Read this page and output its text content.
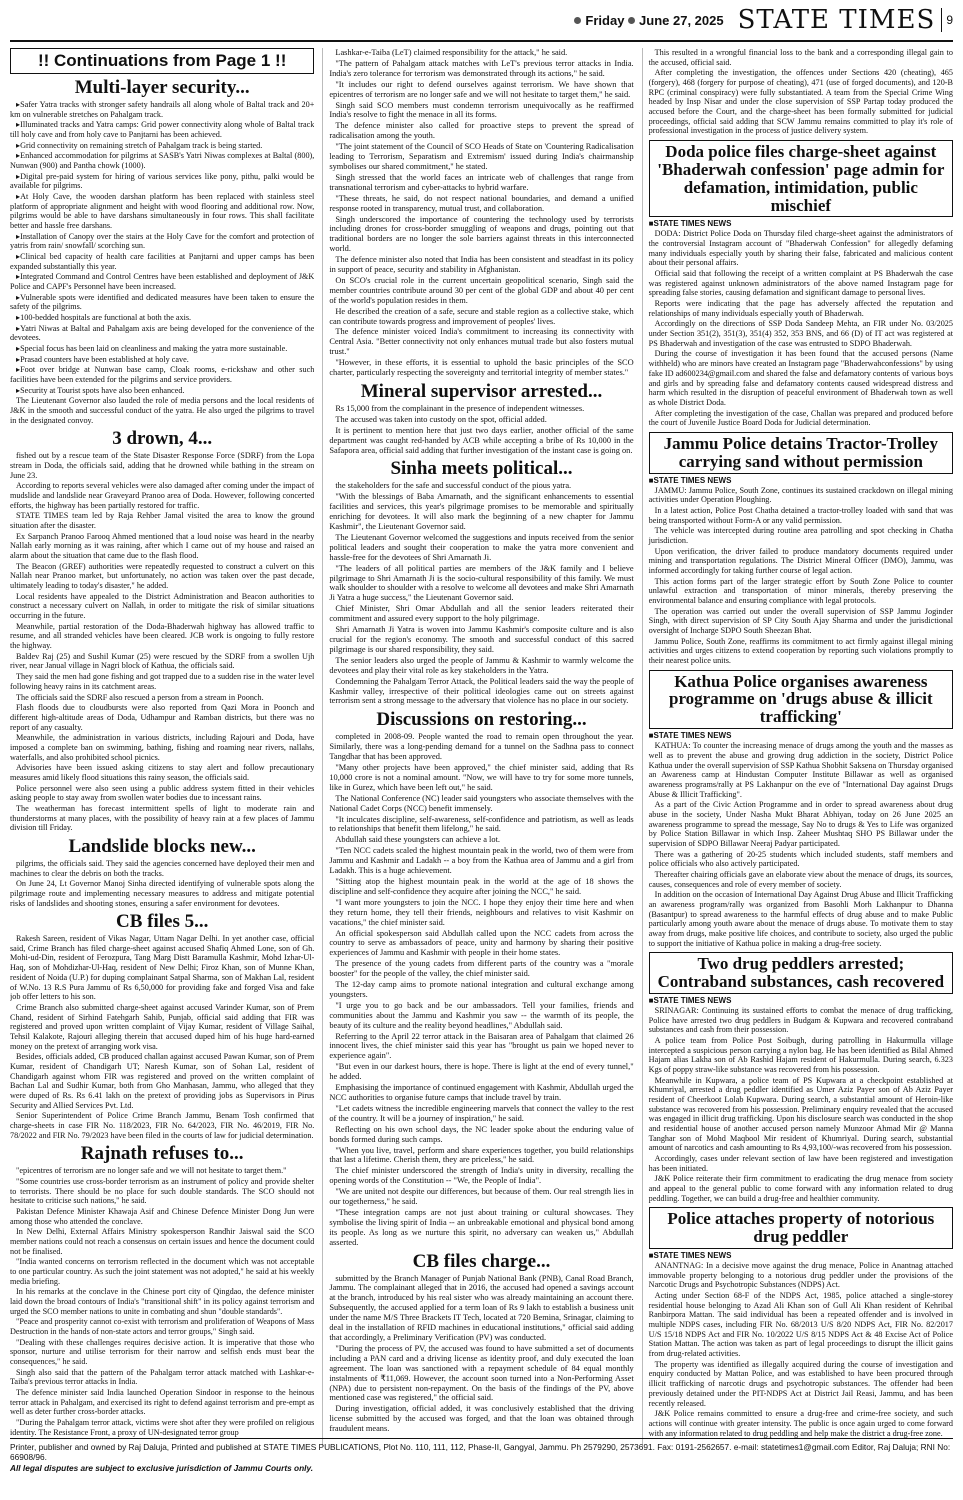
Friday June 27, 2025 STATE TIMES 9
!! Continuations from Page 1 !!
Multi-layer security...

▸ Safer Yatra tracks with stronger safety handrails all along whole of Baltal track and 20+ km on vulnerable stretches on Pahalgam track.

▸ Illuminated tracks and Yatra camps: Grid power connectivity along whole of Baltal track till holy cave and from holy cave to Panjtarni has been achieved.

▸ Grid connectivity on remaining stretch of Pahalgam track is being started.

▸ Enhanced accommodation for pilgrims at SASB's Yatri Niwas complexes at Baltal (800), Nunwan (900) and Pantha chowk (1000).

▸ Digital pre-paid system for hiring of various services like pony, pithu, palki would be available for pilgrims.

▸ At Holy Cave, the wooden darshan platform has been replaced with stainless steel platform of appropriate alignment and height with wood flooring and additional row. Now, pilgrims would be able to have darshans simultaneously in four rows. This shall facilitate better and hassle free darshans.

▸ Installation of Canopy over the stairs at the Holy Cave for the comfort and protection of yatris from rain/ snowfall/ scorching sun.

▸ Clinical bed capacity of health care facilities at Panjtarni and upper camps has been expanded substantially this year.

▸ Integrated Command and Control Centres have been established and deployment of J&K Police and CAPF's Personnel have been increased.

▸ Vulnerable spots were identified and dedicated measures have been taken to ensure the safety of the pilgrims.

▸ 100-bedded hospitals are functional at both the axis.

▸ Yatri Niwas at Baltal and Pahalgam axis are being developed for the convenience of the devotees.

▸ Special focus has been laid on cleanliness and making the yatra more sustainable.

▸ Prasad counters have been established at holy cave.

▸ Foot over bridge at Nunwan base camp, Cloak rooms, e-rickshaw and other such facilities have been extended for the pilgrims and service providers.

▸ Security at Tourist spots have also been enhanced.

The Lieutenant Governor also lauded the role of media persons and the local residents of J&K in the smooth and successful conduct of the yatra. He also urged the pilgrims to travel in the designated convoy.

3 drown, 4...

fished out by a rescue team of the State Disaster Response Force (SDRF) from the Lopa stream in Doda, the officials said, adding that he drowned while bathing in the stream on June 23.

According to reports several vehicles were also damaged after coming under the impact of mudslide and landslide near Graveyard Pranoo area of Doda. However, following concerted efforts, the highway has been partially restored for traffic.

STATE TIMES team led by Raja Rehber Jamal visited the area to know the ground situation after the disaster.

Ex Sarpanch Pranoo Farooq Ahmed mentioned that a loud noise was heard in the nearby Nallah early morning as it was raining, after which I came out of my house and raised an alarm about the situation that came due to the flash flood.

The Beacon (GREF) authorities were repeatedly requested to construct a culvert on this Nallah near Pranoo market, but unfortunately, no action was taken over the past decade, ultimately leading to today's disaster," he added.

Local residents have appealed to the District Administration and Beacon authorities to construct a necessary culvert on Nallah, in order to mitigate the risk of similar situations occurring in the future.

Meanwhile, partial restoration of the Doda-Bhaderwah highway has allowed traffic to resume, and all stranded vehicles have been cleared. JCB work is ongoing to fully restore the highway.

Baldev Raj (25) and Sushil Kumar (25) were rescued by the SDRF from a swollen Ujh river, near Janual village in Nagri block of Kathua, the officials said.

They said the men had gone fishing and got trapped due to a sudden rise in the water level following heavy rains in its catchment areas.

The officials said the SDRF also rescued a person from a stream in Poonch.

Flash floods due to cloudbursts were also reported from Qazi Mora in Poonch and different high-altitude areas of Doda, Udhampur and Ramban districts, but there was no report of any casualty.

Meanwhile, the administration in various districts, including Rajouri and Doda, have imposed a complete ban on swimming, bathing, fishing and roaming near rivers, nallahs, waterfalls, and also prohibited school picnics.

Advisories have been issued asking citizens to stay alert and follow precautionary measures amid likely flood situations this rainy season, the officials said.

Police personnel were also seen using a public address system fitted in their vehicles asking people to stay away from swollen water bodies due to incessant rains.

The weatherman has forecast intermittent spells of light to moderate rain and thunderstorms at many places, with the possibility of heavy rain at a few places of Jammu division till Friday.

Landslide blocks new...

pilgrims, the officials said. They said the agencies concerned have deployed their men and machines to clear the debris on both the tracks.

On June 24, Lt Governor Manoj Sinha directed identifying of vulnerable spots along the pilgrimage route and implementing necessary measures to address and mitigate potential risks of landslides and shooting stones, ensuring a safer environment for devotees.

CB files 5...

Rakesh Sareen, resident of Vikas Nagar, Uttam Nagar Delhi. In yet another case, official said, Crime Branch has filed charge-sheet against accused Shafiq Ahmed Lone, son of Gh. Mohi-ud-Din, resident of Ferozpura, Tang Marg Distt Baramulla Kashmir, Mohd Izhar-Ul-Haq, son of Mohdizhar-Ul-Haq, resident of New Delhi; Firoz Khan, son of Munne Khan, resident of Noida (U.P.) for duping complainant Satpal Sharma, son of Makhan Lal, resident of W.No. 13 R.S Pura Jammu of Rs 6,50,000 for providing fake and forged Visa and fake job offer letters to his son.

Crime Branch also submitted charge-sheet against accused Varinder Kumar, son of Prem Chand, resident of Sirhind Fatehgarh Sahib, Punjab, official said adding that FIR was registered and proved upon written complaint of Vijay Kumar, resident of Village Saihal, Tehsil Kalakote, Rajouri alleging therein that accused duped him of his huge hard-earned money on the pretext of arranging work visa.

Besides, officials added, CB produced challan against accused Pawan Kumar, son of Prem Kumar, resident of Chandigarh UT; Naresh Kumar, son of Sohan Lal, resident of Chandigarh against whom FIR was registered and proved on the written complaint of Bachan Lal and Sudhir Kumar, both from Gho Manhasan, Jammu, who alleged that they were duped of Rs. Rs 6.41 lakh on the pretext of providing jobs as Supervisors in Pirus Security and Allied Services Pvt. Ltd.

Senior Superintendent of Police Crime Branch Jammu, Benam Tosh confirmed that charge-sheets in case FIR No. 118/2023, FIR No. 64/2023, FIR No. 46/2019, FIR No. 78/2022 and FIR No. 79/2023 have been filed in the courts of law for judicial determination.

Rajnath refuses to...

"epicentres of terrorism are no longer safe and we will not hesitate to target them."

"Some countries use cross-border terrorism as an instrument of policy and provide shelter to terrorists. There should be no place for such double standards. The SCO should not hesitate to criticise such nations," he said.

Pakistan Defence Minister Khawaja Asif and Chinese Defence Minister Dong Jun were among those who attended the conclave.

In New Delhi, External Affairs Ministry spokesperson Randhir Jaiswal said the SCO member nations could not reach a consensus on certain issues and hence the document could not be finalised.

"India wanted concerns on terrorism reflected in the document which was not acceptable to one particular country. As such the joint statement was not adopted," he said at his weekly media briefing.

In his remarks at the conclave in the Chinese port city of Qingdao, the defence minister laid down the broad contours of India's "transitional shift" in its policy against terrorism and urged the SCO member nations to unite in combating and shun "double standards".

"Peace and prosperity cannot co-exist with terrorism and proliferation of Weapons of Mass Destruction in the hands of non-state actors and terror groups," Singh said.

"Dealing with these challenges requires decisive action. It is imperative that those who sponsor, nurture and utilise terrorism for their narrow and selfish ends must bear the consequences," he said.

Singh also said that the pattern of the Pahalgam terror attack matched with Lashkar-e-Taiba's previous terror attacks in India.

The defence minister said India launched Operation Sindoor in response to the heinous terror attack in Pahalgam, and exercised its right to defend against terrorism and pre-empt as well as deter further cross-border attacks.

"During the Pahalgam terror attack, victims were shot after they were profiled on religious identity. The Resistance Front, a proxy of UN-designated terror group

Lashkar-e-Taiba (LeT) claimed responsibility for the attack," he said.

"The pattern of Pahalgam attack matches with LeT's previous terror attacks in India. India's zero tolerance for terrorism was demonstrated through its actions," he said.

"It includes our right to defend ourselves against terrorism. We have shown that epicentres of terrorism are no longer safe and we will not hesitate to target them," he said.

Singh said SCO members must condemn terrorism unequivocally as he reaffirmed India's resolve to fight the menace in all its forms.

The defence minister also called for proactive steps to prevent the spread of radicalisation among the youth.

"The joint statement of the Council of SCO Heads of State on 'Countering Radicalisation leading to Terrorism, Separatism and Extremism' issued during India's chairmanship symbolises our shared commitment," he stated.

Singh stressed that the world faces an intricate web of challenges that range from transnational terrorism and cyber-attacks to hybrid warfare.

"These threats, he said, do not respect national boundaries, and demand a unified response rooted in transparency, mutual trust, and collaboration.

Singh underscored the importance of countering the technology used by terrorists including drones for cross-border smuggling of weapons and drugs, pointing out that traditional borders are no longer the sole barriers against threats in this interconnected world.

The defence minister also noted that India has been consistent and steadfast in its policy in support of peace, security and stability in Afghanistan.

On SCO's crucial role in the current uncertain geopolitical scenario, Singh said the member countries contribute around 30 per cent of the global GDP and about 40 per cent of the world's population resides in them.

He described the creation of a safe, secure and stable region as a collective stake, which can contribute towards progress and improvement of peoples' lives.

The defence minister voiced India's commitment to increasing its connectivity with Central Asia. "Better connectivity not only enhances mutual trade but also fosters mutual trust."

"However, in these efforts, it is essential to uphold the basic principles of the SCO charter, particularly respecting the sovereignty and territorial integrity of member states."

Mineral supervisor arrested...

Rs 15,000 from the complainant in the presence of independent witnesses.

The accused was taken into custody on the spot, official added.

It is pertinent to mention here that just two days earlier, another official of the same department was caught red-handed by ACB while accepting a bribe of Rs 10,000 in the Safapora area, official said adding that further investigation of the instant case is going on.

Sinha meets political...

the stakeholders for the safe and successful conduct of the pious yatra.

"With the blessings of Baba Amarnath, and the significant enhancements to essential facilities and services, this year's pilgrimage promises to be memorable and spiritually enriching for devotees. It will also mark the beginning of a new chapter for Jammu Kashmir", the Lieutenant Governor said.

The Lieutenant Governor welcomed the suggestions and inputs received from the senior political leaders and sought their cooperation to make the yatra more convenient and hassle-free for the devotees of Shri Amarnath Ji.

"The leaders of all political parties are members of the J&K family and I believe pilgrimage to Shri Amarnath Ji is the socio-cultural responsibility of this family. We must walk shoulder to shoulder with a resolve to welcome all devotees and make Shri Amarnath Ji Yatra a huge success," the Lieutenant Governor said.

Chief Minister, Shri Omar Abdullah and all the senior leaders reiterated their commitment and assured every support to the holy pilgrimage.

Shri Amarnath Ji Yatra is woven into Jammu Kashmir's composite culture and is also crucial for the region's economy. The smooth and successful conduct of this sacred pilgrimage is our shared responsibility, they said.

The senior leaders also urged the people of Jammu & Kashmir to warmly welcome the devotees and play their vital role as key stakeholders in the Yatra.

Condemning the Pahalgam Terror Attack, the Political leaders said the way the people of Kashmir valley, irrespective of their political ideologies came out on streets against terrorism sent a strong message to the adversary that violence has no place in our society.

Discussions on restoring...

completed in 2008-09. People wanted the road to remain open throughout the year. Similarly, there was a long-pending demand for a tunnel on the Sadhna pass to connect Tangdhar that has been approved.

"Many other projects have been approved," the chief minister said, adding that Rs 10,000 crore is not a nominal amount. "Now, we will have to try for some more tunnels, like in Gurez, which have been left out," he said.

The National Conference (NC) leader said youngsters who associate themselves with the National Cadet Corps (NCC) benefit immensely.

"It inculcates discipline, self-awareness, self-confidence and patriotism, as well as leads to relationships that benefit them lifelong," he said.

Abdullah said these youngsters can achieve a lot.

"Ten NCC cadets scaled the highest mountain peak in the world, two of them were from Jammu and Kashmir and Ladakh -- a boy from the Kathua area of Jammu and a girl from Ladakh. This is a huge achievement.

"Sitting atop the highest mountain peak in the world at the age of 18 shows the discipline and self-confidence they acquire after joining the NCC," he said.

"I want more youngsters to join the NCC. I hope they enjoy their time here and when they return home, they tell their friends, neighbours and relatives to visit Kashmir on vacations," the chief minister said.

An official spokesperson said Abdullah called upon the NCC cadets from across the country to serve as ambassadors of peace, unity and harmony by sharing their positive experiences of Jammu and Kashmir with people in their home states.

The presence of the young cadets from different parts of the country was a "morale booster" for the people of the valley, the chief minister said.

The 12-day camp aims to promote national integration and cultural exchange among youngsters.

"I urge you to go back and be our ambassadors. Tell your families, friends and communities about the Jammu and Kashmir you saw -- the warmth of its people, the beauty of its culture and the reality beyond headlines," Abdullah said.

Referring to the April 22 terror attack in the Baisaran area of Pahalgam that claimed 26 innocent lives, the chief minister said this year has "brought us pain we hoped never to experience again".

"But even in our darkest hours, there is hope. There is light at the end of every tunnel," he added.

Emphasising the importance of continued engagement with Kashmir, Abdullah urged the NCC authorities to organise future camps that include travel by train.

"Let cadets witness the incredible engineering marvels that connect the valley to the rest of the country. It will be a journey of inspiration," he said.

Reflecting on his own school days, the NC leader spoke about the enduring value of bonds formed during such camps.

"When you live, travel, perform and share experiences together, you build relationships that last a lifetime. Cherish them, they are priceless," he said.

The chief minister underscored the strength of India's unity in diversity, recalling the opening words of the Constitution -- "We, the People of India".

"We are united not despite our differences, but because of them. Our real strength lies in our togetherness," he said.

"These integration camps are not just about training or cultural showcases. They symbolise the living spirit of India -- an unbreakable emotional and physical bond among its people. As long as we nurture this spirit, no adversary can weaken us," Abdullah asserted.

CB files charge...

submitted by the Branch Manager of Punjab National Bank (PNB), Canal Road Branch, Jammu. The complainant alleged that in 2016, the accused had opened a savings account at the branch, introduced by his real sister who was already maintaining an account there. Subsequently, the accused applied for a term loan of Rs 9 lakh to establish a business unit under the name M/S Three Brackets IT Tech, located at 720 Bemina, Srinagar, claiming to deal in the installation of RFID machines in educational institutions," official said adding that accordingly, a Preliminary Verification (PV) was conducted.

"During the process of PV, the accused was found to have submitted a set of documents including a PAN card and a driving license as identity proof, and duly executed the loan agreement. The loan was sanctioned with a repayment schedule of 84 equal monthly instalments of ₹11,069. However, the account soon turned into a Non-Performing Asset (NPA) due to persistent non-repayment. On the basis of the findings of the PV, above mentioned case was registered," the official said.

During investigation, official added, it was conclusively established that the driving license submitted by the accused was forged, and that the loan was obtained through fraudulent means.

This resulted in a wrongful financial loss to the bank and a corresponding illegal gain to the accused, official said.

After completing the investigation, the offences under Sections 420 (cheating), 465 (forgery), 468 (forgery for purpose of cheating), 471 (use of forged documents), and 120-B RPC (criminal conspiracy) were fully substantiated. A team from the Special Crime Wing headed by Insp Nisar and under the close supervision of SSP Partap today produced the accused before the Court, and the charge-sheet has been formally submitted for judicial proceedings, official said adding that SCW Jammu remains committed to play it's role of professional investigation in the process of justice delivery system.

Doda police files charge-sheet against 'Bhaderwah confession' page admin for defamation, intimidation, public mischief
■ STATE TIMES NEWS

DODA: District Police Doda on Thursday filed charge-sheet against the administrators of the controversial Instagram account of "Bhaderwah Confession" for allegedly defaming many individuals especially youth by sharing their false, fabricated and malicious content about their personal affairs.

Official said that following the receipt of a written complaint at PS Bhaderwah the case was registered against unknown administrators of the above named Instagram page for spreading false stories, causing defamation and significant damage to personal lives.

Reports were indicating that the page has adversely affected the reputation and relationships of many individuals especially youth of Bhaderwah.

Accordingly on the directions of SSP Doda Sandeep Mehta, an FIR under No. 03/2025 under Section 351(2), 351(3), 351(4) 352, 353 BNS, and 66 (D) of IT act was registered at PS Bhaderwah and investigation of the case was entrusted to SDPO Bhaderwah.

During the course of investigation it has been found that the accused persons (Name withheld) who are minors have created an Instagram page "Bhaderwahconfessions" by using fake ID ad600234@gmail.com and shared the false and defamatory contents of various boys and girls and by spreading false and defamatory contents caused widespread distress and harm which resulted in the disruption of peaceful environment of Bhaderwah town as well as whole District Doda.

After completing the investigation of the case, Challan was prepared and produced before the court of Juvenile Justice Board Doda for Judicial determination.

Jammu Police detains Tractor-Trolley carrying sand without permission
■ STATE TIMES NEWS

JAMMU: Jammu Police, South Zone, continues its sustained crackdown on illegal mining activities under Operation Ploughing.

In a latest action, Police Post Chatha detained a tractor-trolley loaded with sand that was being transported without Form-A or any valid permission.

The vehicle was intercepted during routine area patrolling and spot checking in Chatha jurisdiction.

Upon verification, the driver failed to produce mandatory documents required under mining and transportation regulations. The District Mineral Officer (DMO), Jammu, was informed accordingly for taking further course of legal action.

This action forms part of the larger strategic effort by South Zone Police to counter unlawful extraction and transportation of minor minerals, thereby preserving the environmental balance and ensuring compliance with legal protocols.

The operation was carried out under the overall supervision of SSP Jammu Joginder Singh, with direct supervision of SP City South Ajay Sharma and under the jurisdictional oversight of Incharge SDPO South Sheezan Bhat.

Jammu Police, South Zone, reaffirms its commitment to act firmly against illegal mining activities and urges citizens to extend cooperation by reporting such violations promptly to their nearest police units.

Kathua Police organises awareness programme on 'drugs abuse & illicit trafficking'
■ STATE TIMES NEWS

KATHUA: To counter the increasing menace of drugs among the youth and the masses as well as to prevent the abuse and growing drug addiction in the society, District Police Kathua under the overall supervision of SSP Kathua Shobhit Saksena on Thursday organised an Awareness camp at Hindustan Computer Institute Billawar as well as organised awareness programs/rally at PS Lakhanpur on the eve of "International Day against Drugs Abuse & Illicit Trafficking".

As a part of the Civic Action Programme and in order to spread awareness about drug abuse in the society, Under Nasha Mukt Bharat Abhiyan, today on 26 June 2025 an awareness programme to spread the message, Say No to drugs & Yes to Life was organized by Police Station Billawar in which Insp. Zaheer Mushtaq SHO PS Billawar under the supervision of SDPO Billawar Neeraj Padyar participated.

There was a gathering of 20-25 students which included students, staff members and police officials who also actively participated.

Thereafter chairing officials gave an elaborate view about the menace of drugs, its sources, causes, consequences and role of every member of society.

In addition on the occasion of International Day Against Drug Abuse and Illicit Trafficking an awareness program/rally was organized from Basohli Morh Lakhanpur to Dhanna (Basantpur) to spread awareness to the harmful effects of drug abuse and to make Public particularly among youth aware about the menace of drugs abuse. To motivate them to stay away from drugs, make positive life choices, and contribute to society, also urged the public to support the initiative of Kathua police in making a drug-free society.

Two drug peddlers arrested; Contraband substances, cash recovered
■ STATE TIMES NEWS

SRINAGAR: Continuing its sustained efforts to combat the menace of drug trafficking, Police have arrested two drug peddlers in Budgam & Kupwara and recovered contraband substances and cash from their possession.

A police team from Police Post Soibugh, during patrolling in Hakurmulla village intercepted a suspicious person carrying a nylon bag. He has been identified as Bilal Ahmed Hajam alias Lakha son of Ab Rashid Hajam resident of Hakurmulla. During search, 6.323 Kgs of poppy straw-like substance was recovered from his possession.

Meanwhile in Kupwara, a police team of PS Kupwara at a checkpoint established at Khumriyal, arrested a drug peddler identified as Umer Aziz Payer son of Ab Aziz Payer resident of Cheerkoot Lolab Kupwara. During search, a substantial amount of Heroin-like substance was recovered from his possession. Preliminary enquiry revealed that the accused was engaged in illicit drug trafficking. Upon his disclosure search was conducted in the shop and residential house of another accused person namely Munzoor Ahmad Mir @ Manna Tanghar son of Mohd Maqbool Mir resident of Khumriyal. During search, substantial amount of narcotics and cash amounting to Rs 4,93,100/-was recovered from his possession.

Accordingly, cases under relevant section of law have been registered and investigation has been initiated.

J&K Police reiterate their firm commitment to eradicating the drug menace from society and appeal to the general public to come forward with any information related to drug peddling. Together, we can build a drug-free and healthier community.

Police attaches property of notorious drug peddler
■ STATE TIMES NEWS

ANANTNAG: In a decisive move against the drug menace, Police in Anantnag attached immovable property belonging to a notorious drug peddler under the provisions of the Narcotic Drugs and Psychotropic Substances (NDPS) Act.

Acting under Section 68-F of the NDPS Act, 1985, police attached a single-storey residential house belonging to Azad Ali Khan son of Gull Ali Khan resident of Kehribal Ranbirpora Mattan. The said individual has been a repeated offender and is involved in multiple NDPS cases, including FIR No. 68/2013 U/S 8/20 NDPS Act, FIR No. 82/2017 U/S 15/18 NDPS Act and FIR No. 10/2022 U/S 8/15 NDPS Act & 48 Excise Act of Police Station Mattan. The action was taken as part of legal proceedings to disrupt the illicit gains from drug-related activities.

The property was identified as illegally acquired during the course of investigation and enquiry conducted by Mattan Police, and was established to have been procured through illicit trafficking of narcotic drugs and psychotropic substances. The offender had been previously detained under the PIT-NDPS Act at District Jail Reasi, Jammu, and has been recently released.

J&K Police remains committed to ensure a drug-free and crime-free society, and such actions will continue with greater intensity. The public is once again urged to come forward with any information related to drug peddling and help make the district a drug-free zone.

Printer, publisher and owned by Raj Daluja, Printed and published at STATE TIMES PUBLICATIONS, Plot No. 110, 111, 112, Phase-II, Gangyal, Jammu. Ph 2579290, 2573691. Fax: 0191-2562657. e-mail: statetimes1@gmail.com Editor, Raj Daluja; RNI No: 66908/96.
All legal disputes are subject to exclusive jurisdiction of Jammu Courts only.
